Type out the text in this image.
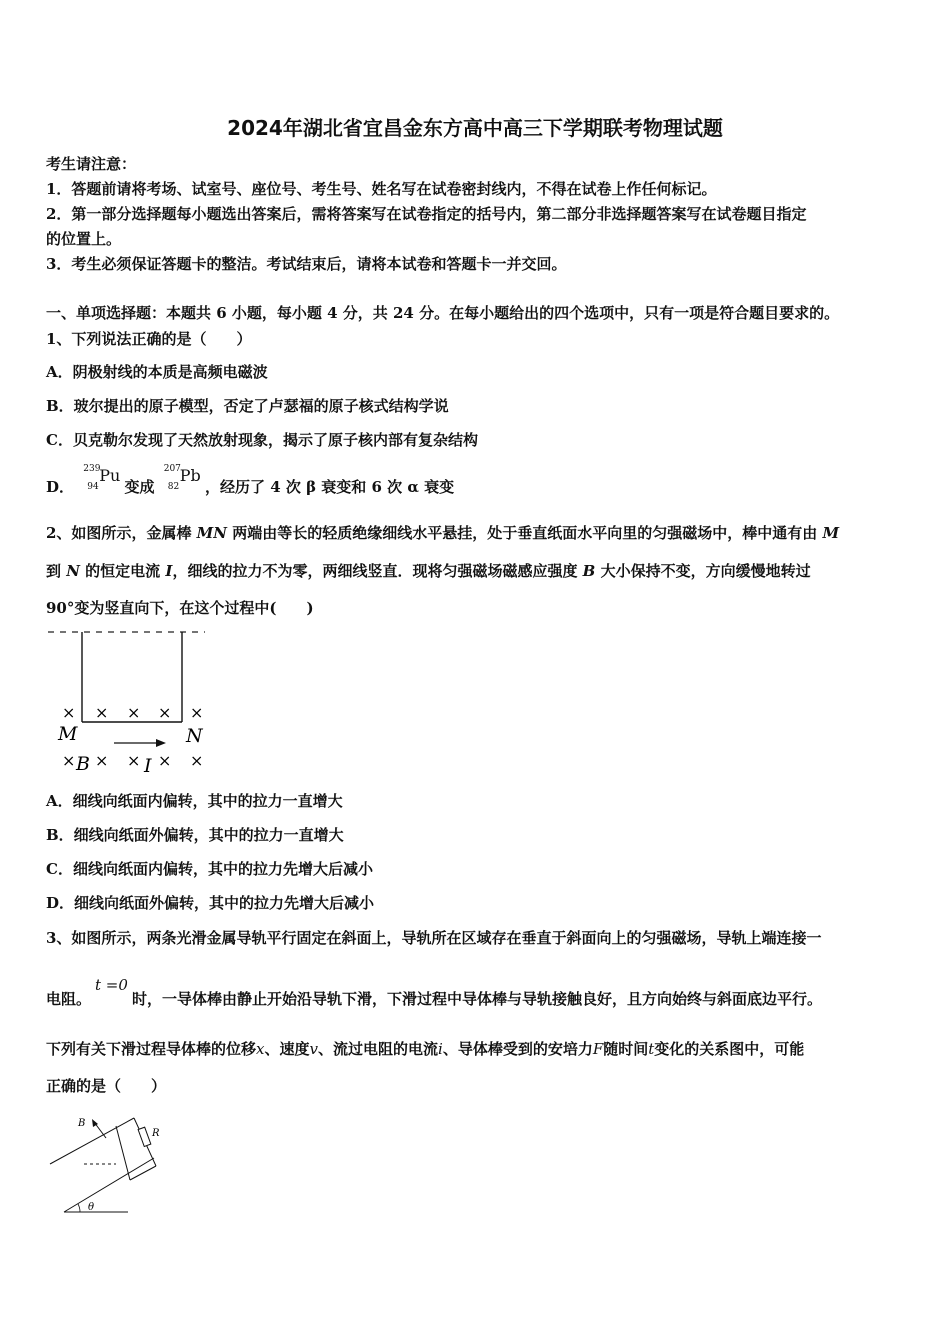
2024年湖北省宜昌金东方高中高三下学期联考物理试题
考生请注意：
1．答题前请将考场、试室号、座位号、考生号、姓名写在试卷密封线内，不得在试卷上作任何标记。
2．第一部分选择题每小题选出答案后，需将答案写在试卷指定的括号内，第二部分非选择题答案写在试卷题目指定
的位置上。
3．考生必须保证答题卡的整洁。考试结束后，请将本试卷和答题卡一并交回。
一、单项选择题：本题共 6 小题，每小题 4 分，共 24 分。在每小题给出的四个选项中，只有一项是符合题目要求的。
1、下列说法正确的是（　　）
A．阴极射线的本质是高频电磁波
B．玻尔提出的原子模型，否定了卢瑟福的原子核式结构学说
C．贝克勒尔发现了天然放射现象，揭示了原子核内部有复杂结构
D．
239
94
Pu
变成
207
82
Pb
，经历了 4 次 β 衰变和 6 次 α 衰变
2、如图所示，金属棒 MN 两端由等长的轻质绝缘细线水平悬挂，处于垂直纸面水平向里的匀强磁场中，棒中通有由 M
到 N 的恒定电流 I，细线的拉力不为零，两细线竖直．现将匀强磁场磁感应强度 B 大小保持不变，方向缓慢地转过
90°变为竖直向下，在这个过程中(　　)
× × × × ×
M	N
× B × × I × ×
A．细线向纸面内偏转，其中的拉力一直增大
B．细线向纸面外偏转，其中的拉力一直增大
C．细线向纸面内偏转，其中的拉力先增大后减小
D．细线向纸面外偏转，其中的拉力先增大后减小
3、如图所示，两条光滑金属导轨平行固定在斜面上，导轨所在区域存在垂直于斜面向上的匀强磁场，导轨上端连接一
电阻。t =0时，一导体棒由静止开始沿导轨下滑，下滑过程中导体棒与导轨接触良好，且方向始终与斜面底边平行。
下列有关下滑过程导体棒的位移x、速度v、流过电阻的电流i、导体棒受到的安培力F随时间t变化的关系图中，可能
正确的是（　　）
θ
R
B
